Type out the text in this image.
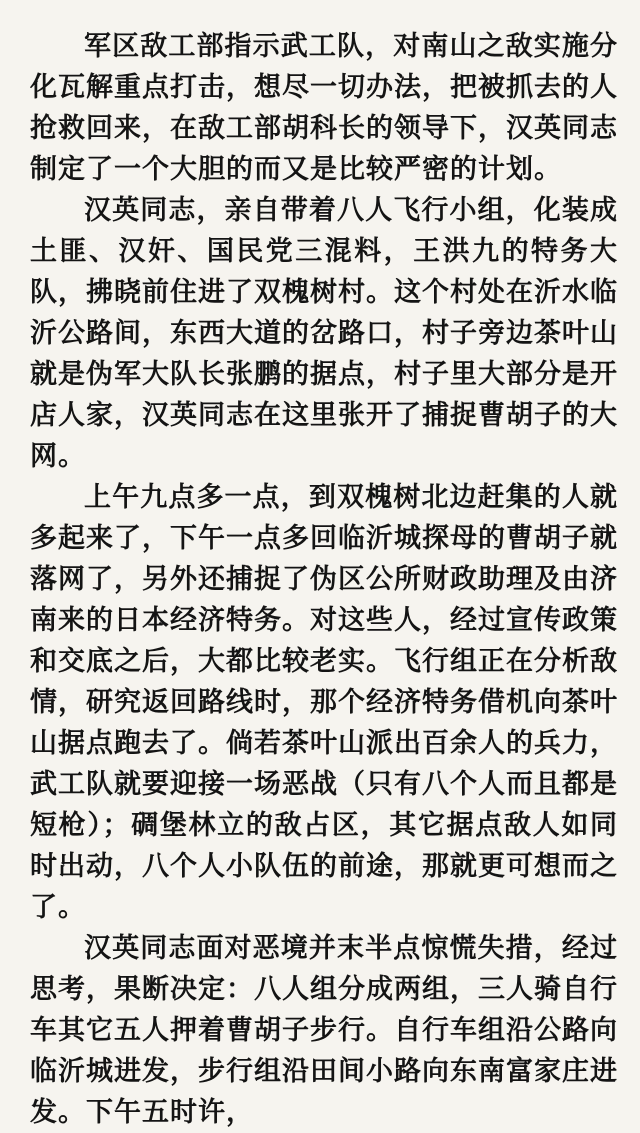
军区敌工部指示武工队，对南山之敌实施分化瓦解重点打击，想尽一切办法，把被抓去的人抢救回来，在敌工部胡科长的领导下，汉英同志制定了一个大胆的而又是比较严密的计划。

汉英同志，亲自带着八人飞行小组，化装成土匪、汉奸、国民党三混料，王洪九的特务大队，拂晓前住进了双槐树村。这个村处在沂水临沂公路间，东西大道的岔路口，村子旁边茶叶山就是伪军大队长张鹏的据点，村子里大部分是开店人家，汉英同志在这里张开了捕捉曹胡子的大网。

上午九点多一点，到双槐树北边赶集的人就多起来了，下午一点多回临沂城探母的曹胡子就落网了，另外还捕捉了伪区公所财政助理及由济南来的日本经济特务。对这些人，经过宣传政策和交底之后，大都比较老实。飞行组正在分析敌情，研究返回路线时，那个经济特务借机向茶叶山据点跑去了。倘若茶叶山派出百余人的兵力，武工队就要迎接一场恶战（只有八个人而且都是短枪）；碉堡林立的敌占区，其它据点敌人如同时出动，八个人小队伍的前途，那就更可想而之了。

汉英同志面对恶境并末半点惊慌失措，经过思考，果断决定：八人组分成两组，三人骑自行车其它五人押着曹胡子步行。自行车组沿公路向临沂城进发，步行组沿田间小路向东南富家庄进发。下午五时许，
